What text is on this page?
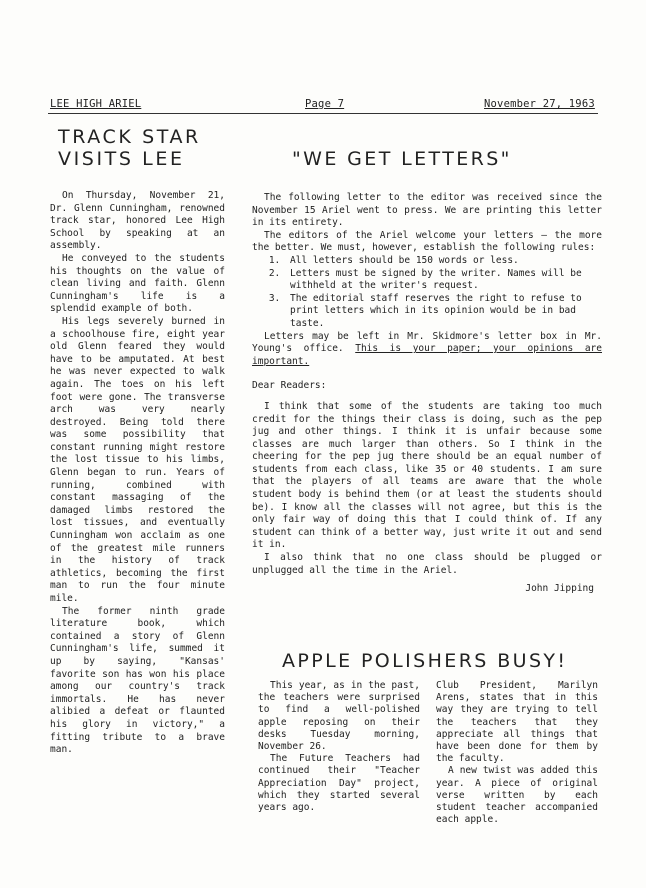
LEE HIGH ARIEL	Page 7	November 27, 1963
TRACK STAR
VISITS LEE

On Thursday, November 21, Dr. Glenn Cunningham, renowned track star, honored Lee High School by speaking at an assembly.

He conveyed to the students his thoughts on the value of clean living and faith. Glenn Cunningham's life is a splendid example of both.

His legs severely burned in a schoolhouse fire, eight year old Glenn feared they would have to be amputated. At best he was never expected to walk again. The toes on his left foot were gone. The transverse arch was very nearly destroyed. Being told there was some possibility that constant running might restore the lost tissue to his limbs, Glenn began to run. Years of running, combined with constant massaging of the damaged limbs restored the lost tissues, and eventually Cunningham won acclaim as one of the greatest mile runners in the history of track athletics, becoming the first man to run the four minute mile.

The former ninth grade literature book, which contained a story of Glenn Cunningham's life, summed it up by saying, "Kansas' favorite son has won his place among our country's track immortals. He has never alibied a defeat or flaunted his glory in victory," a fitting tribute to a brave man.

"WE GET LETTERS"

The following letter to the editor was received since the November 15 Ariel went to press. We are printing this letter in its entirety.

The editors of the Ariel welcome your letters — the more the better. We must, however, establish the following rules:

1. All letters should be 150 words or less.
2. Letters must be signed by the writer. Names will be withheld at the writer's request.
3. The editorial staff reserves the right to refuse to print letters which in its opinion would be in bad taste.

Letters may be left in Mr. Skidmore's letter box in Mr. Young's office. This is your paper; your opinions are important.

Dear Readers:

I think that some of the students are taking too much credit for the things their class is doing, such as the pep jug and other things. I think it is unfair because some classes are much larger than others. So I think in the cheering for the pep jug there should be an equal number of students from each class, like 35 or 40 students. I am sure that the players of all teams are aware that the whole student body is behind them (or at least the students should be). I know all the classes will not agree, but this is the only fair way of doing this that I could think of. If any student can think of a better way, just write it out and send it in.

I also think that no one class should be plugged or unplugged all the time in the Ariel.

John Jipping

APPLE POLISHERS BUSY!

This year, as in the past, the teachers were surprised to find a well-polished apple reposing on their desks Tuesday morning, November 26.

The Future Teachers had continued their "Teacher Appreciation Day" project, which they started several years ago.

Club President, Marilyn Arens, states that in this way they are trying to tell the teachers that they appreciate all things that have been done for them by the faculty.

A new twist was added this year. A piece of original verse written by each student teacher accompanied each apple.
